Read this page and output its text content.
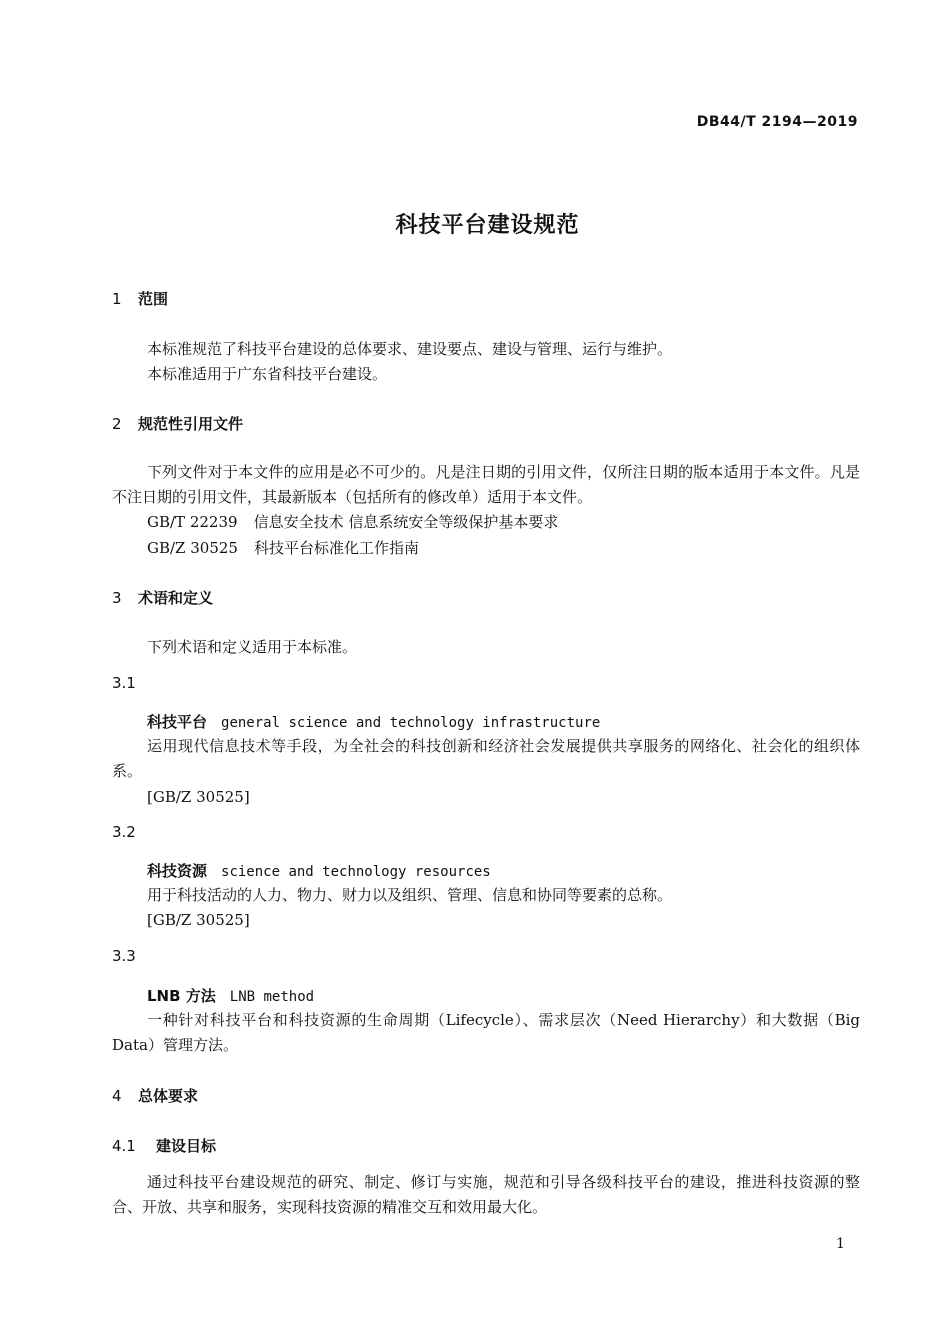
DB44/T 2194—2019
科技平台建设规范
1 范围
本标准规范了科技平台建设的总体要求、建设要点、建设与管理、运行与维护。
本标准适用于广东省科技平台建设。
2 规范性引用文件
下列文件对于本文件的应用是必不可少的。凡是注日期的引用文件，仅所注日期的版本适用于本文件。凡是不注日期的引用文件，其最新版本（包括所有的修改单）适用于本文件。
GB/T 22239 信息安全技术 信息系统安全等级保护基本要求
GB/Z 30525 科技平台标准化工作指南
3 术语和定义
下列术语和定义适用于本标准。
3.1
科技平台 general science and technology infrastructure
运用现代信息技术等手段，为全社会的科技创新和经济社会发展提供共享服务的网络化、社会化的组织体系。
[GB/Z 30525]
3.2
科技资源 science and technology resources
用于科技活动的人力、物力、财力以及组织、管理、信息和协同等要素的总称。
[GB/Z 30525]
3.3
LNB 方法 LNB method
一种针对科技平台和科技资源的生命周期（Lifecycle）、需求层次（Need Hierarchy）和大数据（Big Data）管理方法。
4 总体要求
4.1 建设目标
通过科技平台建设规范的研究、制定、修订与实施，规范和引导各级科技平台的建设，推进科技资源的整合、开放、共享和服务，实现科技资源的精准交互和效用最大化。
1
